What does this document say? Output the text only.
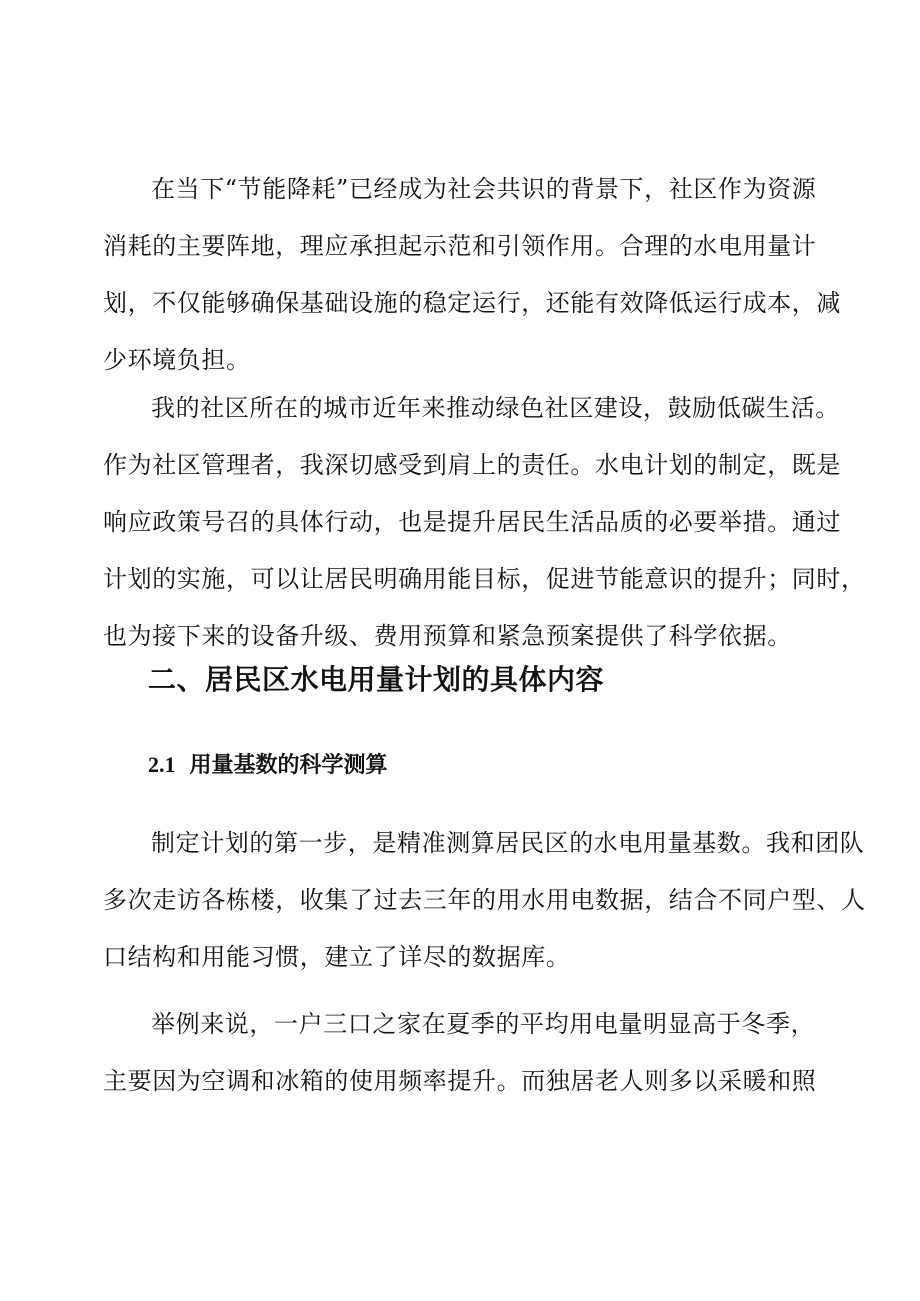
在当下“节能降耗”已经成为社会共识的背景下，社区作为资源
消耗的主要阵地，理应承担起示范和引领作用。合理的水电用量计
划，不仅能够确保基础设施的稳定运行，还能有效降低运行成本，减
少环境负担。

我的社区所在的城市近年来推动绿色社区建设，鼓励低碳生活。
作为社区管理者，我深切感受到肩上的责任。水电计划的制定，既是
响应政策号召的具体行动，也是提升居民生活品质的必要举措。通过
计划的实施，可以让居民明确用能目标，促进节能意识的提升；同时，
也为接下来的设备升级、费用预算和紧急预案提供了科学依据。

二、居民区水电用量计划的具体内容
2.1 用量基数的科学测算

制定计划的第一步，是精准测算居民区的水电用量基数。我和团队
多次走访各栋楼，收集了过去三年的用水用电数据，结合不同户型、人
口结构和用能习惯，建立了详尽的数据库。

举例来说，一户三口之家在夏季的平均用电量明显高于冬季，
主要因为空调和冰箱的使用频率提升。而独居老人则多以采暖和照
